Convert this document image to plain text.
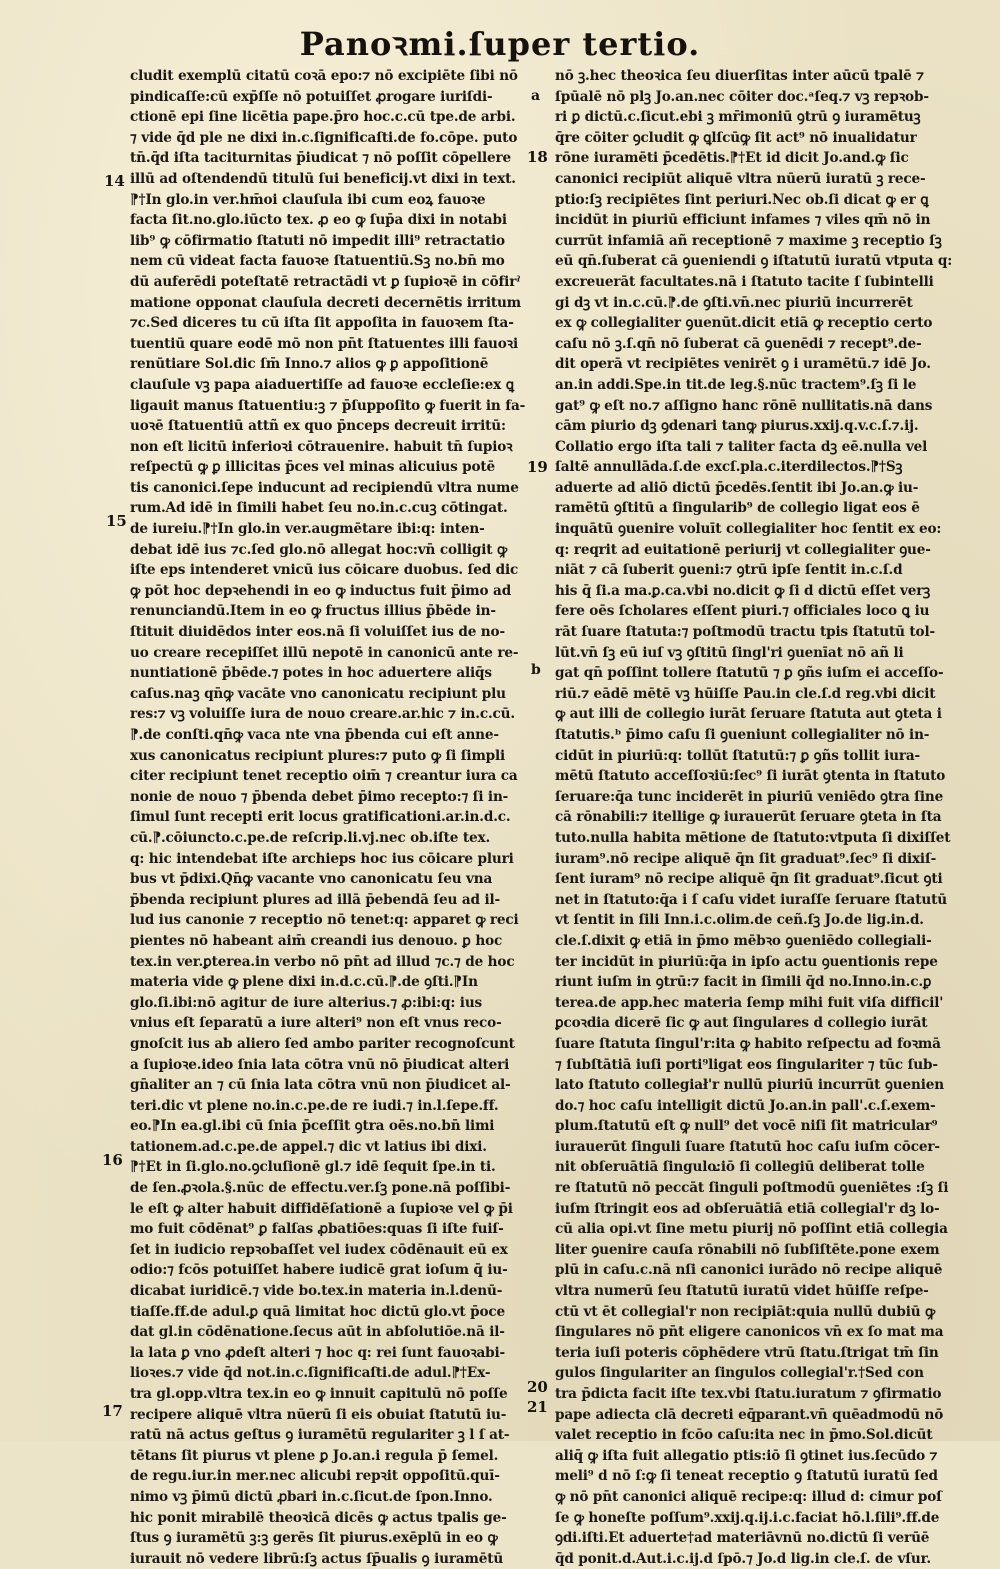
Panoꝛmi.ſuper tertio.
cludit exemplū citatū coꝛā epo:⁊ nō excipiēte ſibi nō
pindicaſſe:cū exp̄ſſe nō potuiſſet ꝓrogare iuriſdi-
ctionē epi ſine licētia pape.p̄ro hoc.c.cū tpe.de arbi.
⁊ vide q̄d ple ne dixi in.c.ſignificaſti.de fo.cōpe. puto
tn̄.q̄d iſta taciturnitas p̄iudicat ⁊ nō poſſit cōpellere
illū ad oſtendendū titulū ſui beneficij.vt dixi in text.
⁋†In glo.in ver.hm̄oi clauſula ibi cum eoꝝ fauoꝛe
facta ſit.no.glo.iūcto tex. ꝓ eo ꝙ ſup̄a dixi in notabi
lib⁹ ꝙ cōfirmatio ſtatuti nō impedit illi⁹ retractatio
nem cū videat facta fauoꝛe ſtatuentiū.Sꝫ no.bn̄ mo
dū auferēdi poteſtatē retractādi vt ꝑ ſupioꝛē in cōfirˀ
matione opponat clauſula decreti decernētis irritum
⁊c.Sed diceres tu cū iſta ſit appoſita in fauoꝛem ſta-
tuentiū quare eodē mō non pn̄t ſtatuentes illi fauoꝛi
renūtiare Sol.dic ſm̄ Inno.⁊ alios ꝙ ꝑ appoſitionē
clauſule vꝫ papa aiaduertiſſe ad fauoꝛe eccleſie:ex ꝗ
ligauit manus ſtatuentiu:ꝫ ⁊ p̄ſuppoſito ꝙ fuerit in fa-
uoꝛē ſtatuentiū attñ ex quo p̄nceps decreuit irritū:
non eſt licitū inferioꝛi cōtrauenire. habuit tn̄ ſupioꝛ
reſpectū ꝙ ꝑ illicitas p̄ces vel minas alicuius potē
tis canonici.ſepe inducunt ad recipiendū vltra nume
rum.Ad idē in ſimili habet ſeu no.in.c.cuꝫ cōtingat.
de iureiu.⁋†In glo.in ver.augmētare ibi:q: inten-
debat idē ius ⁊c.ſed glo.nō allegat hoc:vn̄ colligit ꝙ
iſte eps intenderet vnicū ius cōicare duobus. ſed dic
ꝙ pōt hoc depꝛehendi in eo ꝙ inductus fuit p̄imo ad
renunciandū.Item in eo ꝙ fructus illius p̄bēde in-
ſtituit diuidēdos inter eos.nā ſi voluiſſet ius de no-
uo creare recepiſſet illū nepotē in canonicū ante re-
nuntiationē p̄bēde.⁊ potes in hoc aduertere aliq̄s
caſus.naꝫ qn̄ꝙ vacāte vno canonicatu recipiunt plu
res:⁊ vꝫ voluiſſe iura de nouo creare.ar.hic ⁊ in.c.cū.
⁋.de conſti.qn̄ꝙ vaca nte vna p̄benda cui eſt anne-
xus canonicatus recipiunt plures:⁊ puto ꝙ ſi ſimpli
citer recipiunt tenet receptio oim̄ ⁊ creantur iura ca
nonie de nouo ⁊ p̄benda debet p̄imo recepto:⁊ ſi in-
ſimul ſunt recepti erit locus gratificationi.ar.in.d.c.
cū.⁋.cōiuncto.c.pe.de reſcrip.li.vj.nec ob.iſte tex.
q: hic intendebat iſte archieps hoc ius cōicare pluri
bus vt p̄dixi.Qn̄ꝙ vacante vno canonicatu ſeu vna
p̄benda recipiunt plures ad illā p̄ebendā ſeu ad il-
lud ius canonie ⁊ receptio nō tenet:q: apparet ꝙ reci
pientes nō habeant aim̄ creandi ius denouo. ꝑ hoc
tex.in ver.ꝑterea.in verbo nō pn̄t ad illud ⁊c.⁊ de hoc
materia vide ꝙ plene dixi in.d.c.cū.⁋.de ꝯſti.⁋In
glo.ſi.ibi:nō agitur de iure alterius.⁊ ꝓ:ibi:q: ius
vnius eſt ſeparatū a iure alteri⁹ non eſt vnus reco-
gnoſcit ius ab aliero ſed ambo pariter recognoſcunt
a ſupioꝛe.ideo ſnia lata cōtra vnū nō p̄iudicat alteri
gn̄aliter an ⁊ cū ſnia lata cōtra vnū non p̄iudicet al-
teri.dic vt plene no.in.c.pe.de re iudi.⁊ in.l.ſepe.ff.
eo.⁋In ea.gl.ibi cū ſnia p̄ceſſit ꝯtra oēs.no.bn̄ limi
tationem.ad.c.pe.de appel.⁊ dic vt latius ibi dixi.
⁋†Et in ſi.glo.no.ꝯcluſionē gl.⁊ idē ſequit ſpe.in ti.
de ſen.ꝓꝛola.§.nūc de effectu.ver.ſꝫ pone.nā poſſibi-
le eſt ꝙ alter habuit diffidēſationē a ſupioꝛe vel ꝙ p̄i
mo fuit cōdēnat⁹ ꝑ falſas ꝓbatiōes:quas ſi iſte fuiſ-
ſet in iudicio repꝛobaſſet vel iudex cōdēnauit eū ex
odio:⁊ fcōs potuiſſet habere iudicē grat ioſum q̄ iu-
dicabat iuridicē.⁊ vide bo.tex.in materia in.l.denū-
tiaſſe.ff.de adul.ꝑ quā limitat hoc dictū glo.vt p̄oce
dat gl.in cōdēnatione.ſecus aūt in abſolutiōe.nā il-
la lata ꝑ vno ꝓdeſt alteri ⁊ hoc q: rei ſunt fauoꝛabi-
lioꝛes.⁊ vide q̄d not.in.c.ſignificaſti.de adul.⁋†Ex-
tra gl.opp.vltra tex.in eo ꝙ innuit capitulū nō poſſe
recipere aliquē vltra nūerū ſi eis obuiat ſtatutū iu-
ratū nā actus geſtus ꝯ iuramētū regulariter ꝫ l ſ at-
tētans ſit piurus vt plene ꝑ Jo.an.i regula p̄ ſemel.
de regu.iur.in mer.nec alicubi repꝛit oppoſitū.quī-
nimo vꝫ p̄imū dictū ꝓbari in.c.ſicut.de ſpon.Inno.
hic ponit mirabilē theoꝛicā dicēs ꝙ actus tpalis ge-
ſtus ꝯ iuramētū ꝫ:ꝫ gerēs ſit piurus.exēplū in eo ꝙ
iurauit nō vedere librū:ſꝫ actus ſp̄ualis ꝯ iuramētū
nō ꝫ.hec theoꝛica ſeu diuerſitas inter aūcū tpalē ⁊
ſpūalē nō plꝫ Jo.an.nec cōiter doc.ᵃſeq.⁊ vꝫ repꝛob-
ri ꝑ dictū.c.ſicut.ebi ꝫ mr̄imoniū ꝯtrū ꝯ iuramētuꝫ
q̄re cōiter ꝯcludit ꝙ ꝗlſcūꝙ ſit act⁹ nō inualidatur
rōne iuramēti p̄cedētis.⁋†Et id dicit Jo.and.ꝙ ſic
canonici recipiūt aliquē vltra nūerū iuratū ꝫ rece-
ptio:ſꝫ recipiētes ſint periuri.Nec ob.ſi dicat ꝙ er ꝗ
incidūt in piuriū efficiunt infames ⁊ viles qm̄ nō in
currūt infamiā añ receptionē ⁊ maxime ꝫ receptio ſꝫ
eū qn̄.ſuberat cā ꝯueniendi ꝯ iſtatutū iuratū vtputa q:
excreuerāt facultates.nā i ſtatuto tacite ſ ſubintelli
gi dꝫ vt in.c.cū.⁋.de ꝯſti.vn̄.nec piuriū incurrerēt
ex ꝙ collegialiter ꝯuenūt.dicit etiā ꝙ receptio certo
caſu nō ꝫ.ſ.qn̄ nō ſuberat cā ꝯuenēdi ⁊ recept⁹.de-
dit operā vt recipiētes venirēt ꝯ i uramētū.⁊ idē Jo.
an.in addi.Spe.in tit.de leg.§.nūc tractem⁹.ſꝫ ſi le
gat⁹ ꝙ eſt no.⁊ aſſigno hanc rōnē nullitatis.nā dans
cām piurio dꝫ ꝯdenari tanꝙ piurus.xxij.q.v.c.ſ.⁊.ij.
Collatio ergo iſta tali ⁊ taliter facta dꝫ eē.nulla vel
ſaltē annullāda.ſ.de excſ.pla.c.iterdilectos.⁋†Sꝫ
aduerte ad aliō dictū p̄cedēs.ſentit ibi Jo.an.ꝙ iu-
ramētū ꝯſtitū a ſingularib⁹ de collegio ligat eos ē
inquātū ꝯuenire voluīt collegialiter hoc ſentit ex eo:
q: reqrit ad euitationē periurij vt collegialiter ꝯue-
niāt ⁊ cā ſuberit ꝯueni:⁊ ꝯtrū ipſe ſentit in.c.ſ.d
his q̄ ſi.a ma.ꝑ.ca.vbi no.dicit ꝙ ſi d dictū eſſet verꝫ
fere oēs ſcholares eſſent piuri.⁊ officiales loco ꝗ iu
rāt ſuare ſtatuta:⁊ poſtmodū tractu tpis ſtatutū tol-
lūt.vn̄ ſꝫ eū iuſ vꝫ ꝯſtitū ſingl'ri ꝯuenīat nō añ li
gat qn̄ poſſint tollere ſtatutū ⁊ ꝑ ꝯñs iuſm ei acceſſo-
riū.⁊ eādē mētē vꝫ hūiſſe Pau.in cle.ſ.d reg.vbi dicit
ꝙ aut illi de collegio iurāt ſeruare ſtatuta aut ꝯteta i
ſtatutis.ᵇ p̄imo caſu ſi ꝯueniunt collegialiter nō in-
cidūt in piuriū:q: tollūt ſtatutū:⁊ ꝑ ꝯñs tollit iura-
mētū ſtatuto acceſſoꝛiū:ſec⁹ ſi iurāt ꝯtenta in ſtatuto
ſeruare:q̄a tunc inciderēt in piuriū veniēdo ꝯtra ſine
cā rōnabili:⁊ itellige ꝙ iurauerūt ſeruare ꝯteta in ſta
tuto.nulla habita mētione de ſtatuto:vtputa ſi dixiſſet
iuram⁹.nō recipe aliquē q̄n ſit graduat⁹.ſec⁹ ſi dixiſ-
ſent iuram⁹ nō recipe aliquē q̄n ſit graduat⁹.ſicut ꝯti
net in ſtatuto:q̄a i ſ caſu videt iuraſſe ſeruare ſtatutū
vt ſentit in ſili Inn.i.c.olim.de ceñ.ſꝫ Jo.de lig.in.d.
cle.ſ.dixit ꝙ etiā in p̄mo mēbꝛo ꝯueniēdo collegiali-
ter incidūt in piuriū:q̄a in ipſo actu ꝯuentionis repe
riunt iuſm in ꝯtrū:⁊ facit in ſimili q̄d no.Inno.in.c.ꝑ
terea.de app.hec materia ſemp mihi fuit viſa difficil'
ꝑcoꝛdia dicerē ſic ꝙ aut ſingulares d collegio iurāt
ſuare ſtatuta ſingul'r:ita ꝙ habito reſpectu ad foꝛmā
⁊ ſubſtātiā iuſi porti⁹ligat eos ſingulariter ⁊ tūc ſub-
lato ſtatuto collegiał'r nullū piuriū incurrūt ꝯuenien
do.⁊ hoc caſu intelligit dictū Jo.an.in pall'.c.ſ.exem-
plum.ſtatutū eſt ꝙ null⁹ det vocē niſi ſit matricular⁹
iurauerūt ſinguli ſuare ſtatutū hoc caſu iuſm cōcer-
nit obſeruātiā ſingulo꜡:iō ſi collegiū deliberat tolle
re ſtatutū nō peccāt ſinguli poſtmodū ꝯueniētes :ſꝫ ſi
iuſm ſtringit eos ad obſeruātiā etiā collegial'r dꝫ lo-
cū alia opi.vt ſine metu piurij nō poſſint etiā collegia
liter ꝯuenire cauſa rōnabili nō ſubſiſtēte.pone exem
plū in caſu.c.nā nſi canonici iurādo nō recipe aliquē
vltra numerū ſeu ſtatutū iuratū videt hūiſſe reſpe-
ctū vt ēt collegial'r non recipiāt:quia nullū dubiū ꝙ
ſingulares nō pn̄t eligere canonicos vn̄ ex ſo mat ma
teria iuſi poteris cōphēdere vtrū ſtatu.ſtrigat tm̄ ſin
gulos ſingulariter an ſingulos collegial'r.†Sed con
tra p̄dicta facit iſte tex.vbi ſtatu.iuratum ⁊ ꝯfirmatio
pape adiecta clā decreti eq̄parant.vn̄ quēadmodū nō
valet receptio in fcōo caſu:ita nec in p̄mo.Sol.dicūt
aliq̄ ꝙ iſta fuit allegatio ptis:iō ſi ꝯtinet ius.ſecūdo ⁊
meli⁹ d nō ſ:ꝙ ſi teneat receptio ꝯ ſtatutū iuratū ſed
ꝙ nō pn̄t canonici aliquē recipe:q: illud d: cimur poſ
ſe ꝙ honeſte poſſum⁹.xxij.q.ij.i.c.faciat hō.l.ſili⁹.ff.de
ꝯdi.iſti.Et aduerte†ad materiāvnū no.dictū ſi verūē
q̄d ponit.d.Aut.i.c.ij.d ſpō.⁊ Jo.d lig.in cle.ſ. de vſur.
14
15
16
17
a
18
19
b
20
21
